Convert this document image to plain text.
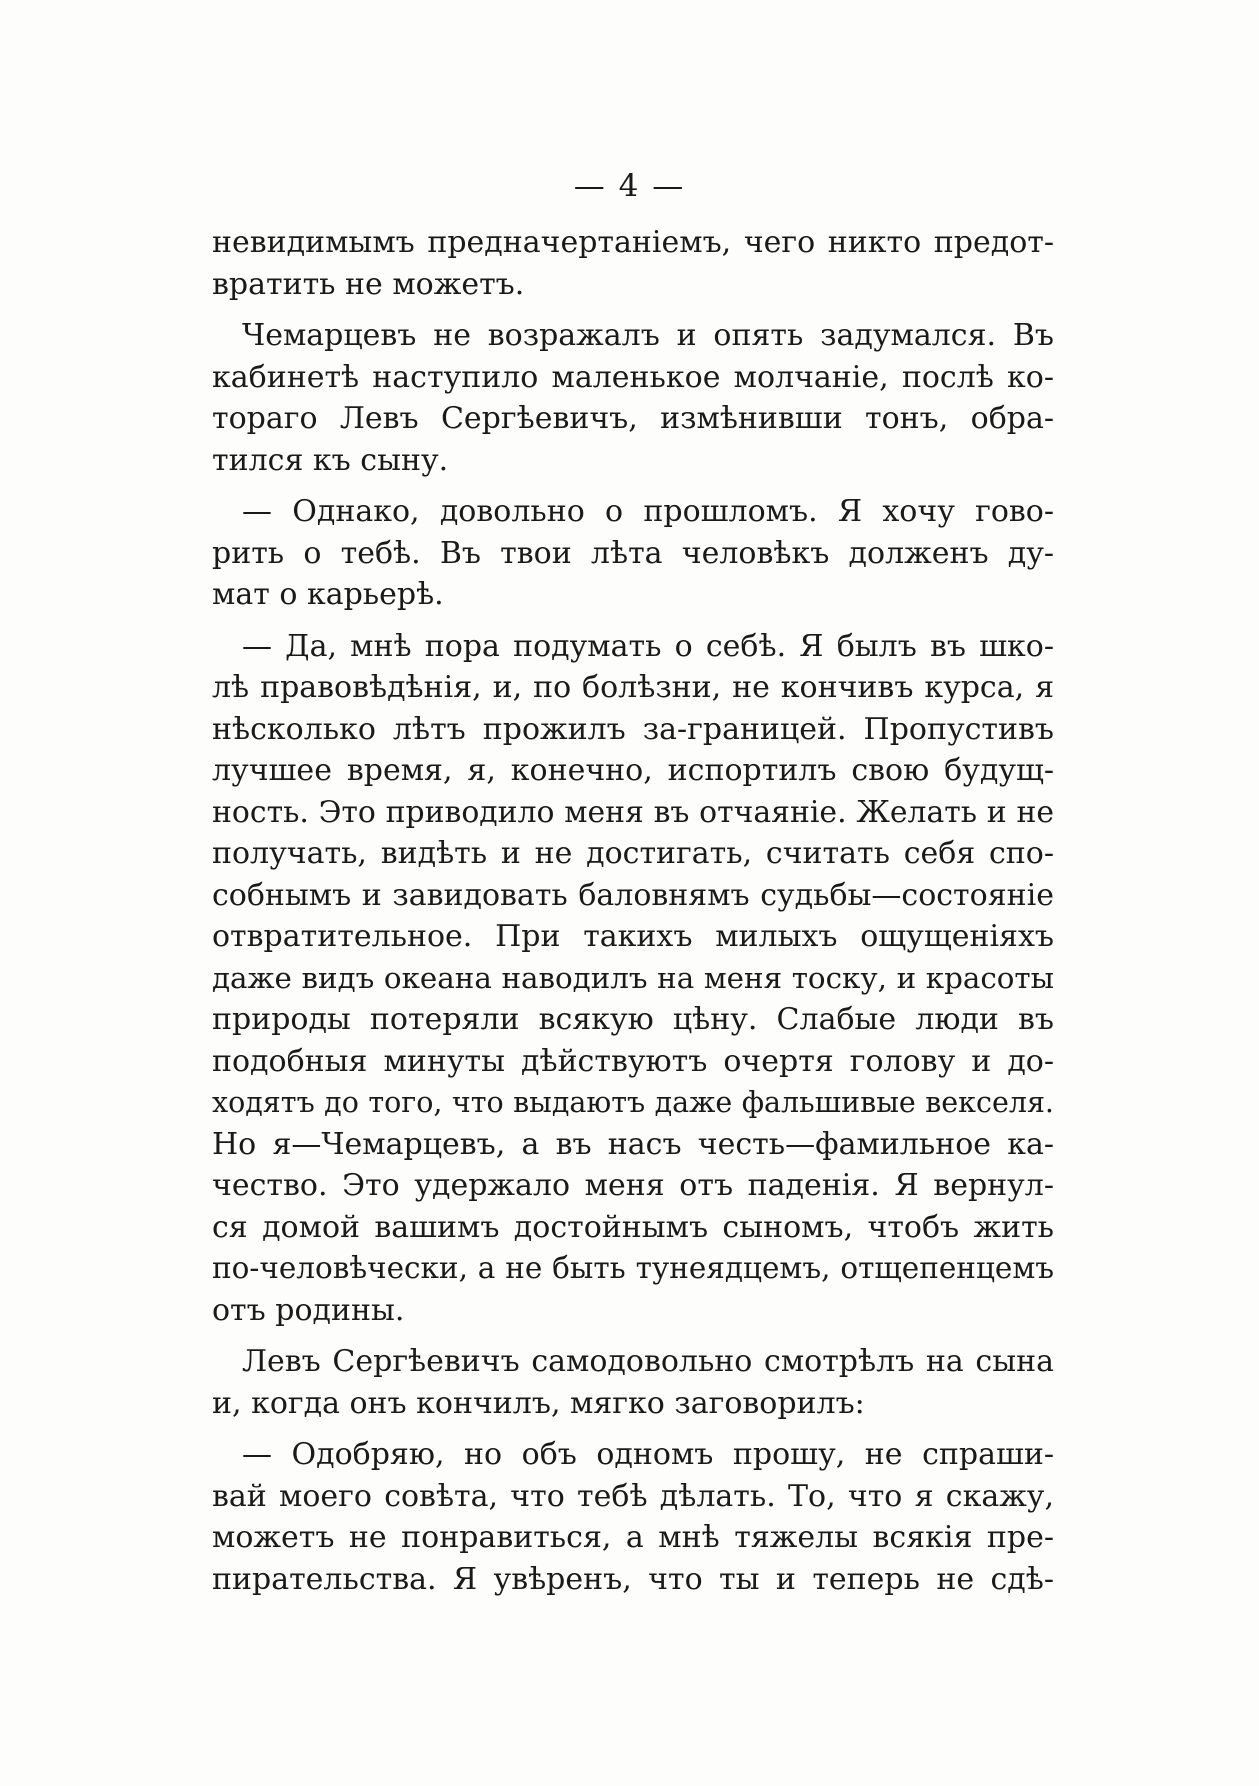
— 4 —
невидимымъ предначертаніемъ, чего никто предот-
вратить не можетъ.
Чемарцевъ не возражалъ и опять задумался. Въ
кабинетѣ наступило маленькое молчаніе, послѣ ко-
тораго Левъ Сергѣевичъ, измѣнивши тонъ, обра-
тился къ сыну.
— Однако, довольно о прошломъ. Я хочу гово-
рить о тебѣ. Въ твои лѣта человѣкъ долженъ ду-
мат о карьерѣ.
— Да, мнѣ пора подумать о себѣ. Я былъ въ шко-
лѣ правовѣдѣнія, и, по болѣзни, не кончивъ курса, я
нѣсколько лѣтъ прожилъ за-границей. Пропустивъ
лучшее время, я, конечно, испортилъ свою будущ-
ность. Это приводило меня въ отчаяніе. Желать и не
получать, видѣть и не достигать, считать себя спо-
собнымъ и завидовать баловнямъ судьбы—состояніе
отвратительное. При такихъ милыхъ ощущеніяхъ
даже видъ океана наводилъ на меня тоску, и красоты
природы потеряли всякую цѣну. Слабые люди въ
подобныя минуты дѣйствуютъ очертя голову и до-
ходятъ до того, что выдаютъ даже фальшивые векселя.
Но я—Чемарцевъ, а въ насъ честь—фамильное ка-
чество. Это удержало меня отъ паденія. Я вернул-
ся домой вашимъ достойнымъ сыномъ, чтобъ жить
по-человѣчески, а не быть тунеядцемъ, отщепенцемъ
отъ родины.
Левъ Сергѣевичъ самодовольно смотрѣлъ на сына
и, когда онъ кончилъ, мягко заговорилъ:
— Одобряю, но объ одномъ прошу, не спраши-
вай моего совѣта, что тебѣ дѣлать. То, что я скажу,
можетъ не понравиться, а мнѣ тяжелы всякія пре-
пирательства. Я увѣренъ, что ты и теперь не сдѣ-
